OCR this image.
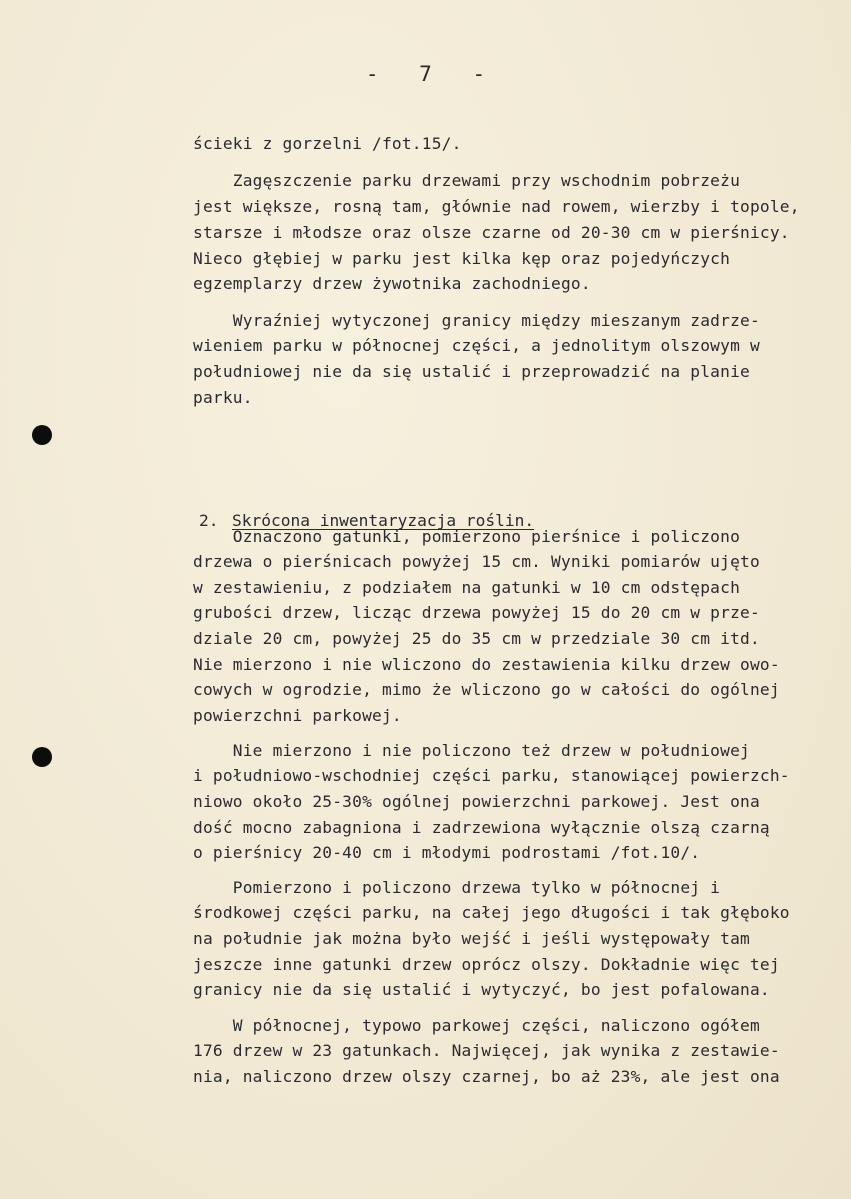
- 7 -
ścieki z gorzelni /fot.15/.
Zagęszczenie parku drzewami przy wschodnim pobrzeżu
jest większe, rosną tam, głównie nad rowem, wierzby i topole,
starsze i młodsze oraz olsze czarne od 20-30 cm w pierśnicy.
Nieco głębiej w parku jest kilka kęp oraz pojedyńczych
egzemplarzy drzew żywotnika zachodniego.
Wyraźniej wytyczonej granicy między mieszanym zadrze-
wieniem parku w północnej części, a jednolitym olszowym w
południowej nie da się ustalić i przeprowadzić na planie
parku.

2. Skrócona inwentaryzacja roślin.

Oznaczono gatunki, pomierzono pierśnice i policzono
drzewa o pierśnicach powyżej 15 cm. Wyniki pomiarów ujęto
w zestawieniu, z podziałem na gatunki w 10 cm odstępach
grubości drzew, licząc drzewa powyżej 15 do 20 cm w prze-
dziale 20 cm, powyżej 25 do 35 cm w przedziale 30 cm itd.
Nie mierzono i nie wliczono do zestawienia kilku drzew owo-
cowych w ogrodzie, mimo że wliczono go w całości do ogólnej
powierzchni parkowej.
Nie mierzono i nie policzono też drzew w południowej
i południowo-wschodniej części parku, stanowiącej powierzch-
niowo około 25-30% ogólnej powierzchni parkowej. Jest ona
dość mocno zabagniona i zadrzewiona wyłącznie olszą czarną
o pierśnicy 20-40 cm i młodymi podrostami /fot.10/.
Pomierzono i policzono drzewa tylko w północnej i
środkowej części parku, na całej jego długości i tak głęboko
na południe jak można było wejść i jeśli występowały tam
jeszcze inne gatunki drzew oprócz olszy. Dokładnie więc tej
granicy nie da się ustalić i wytyczyć, bo jest pofalowana.
W północnej, typowo parkowej części, naliczono ogółem
176 drzew w 23 gatunkach. Najwięcej, jak wynika z zestawie-
nia, naliczono drzew olszy czarnej, bo aż 23%, ale jest ona
